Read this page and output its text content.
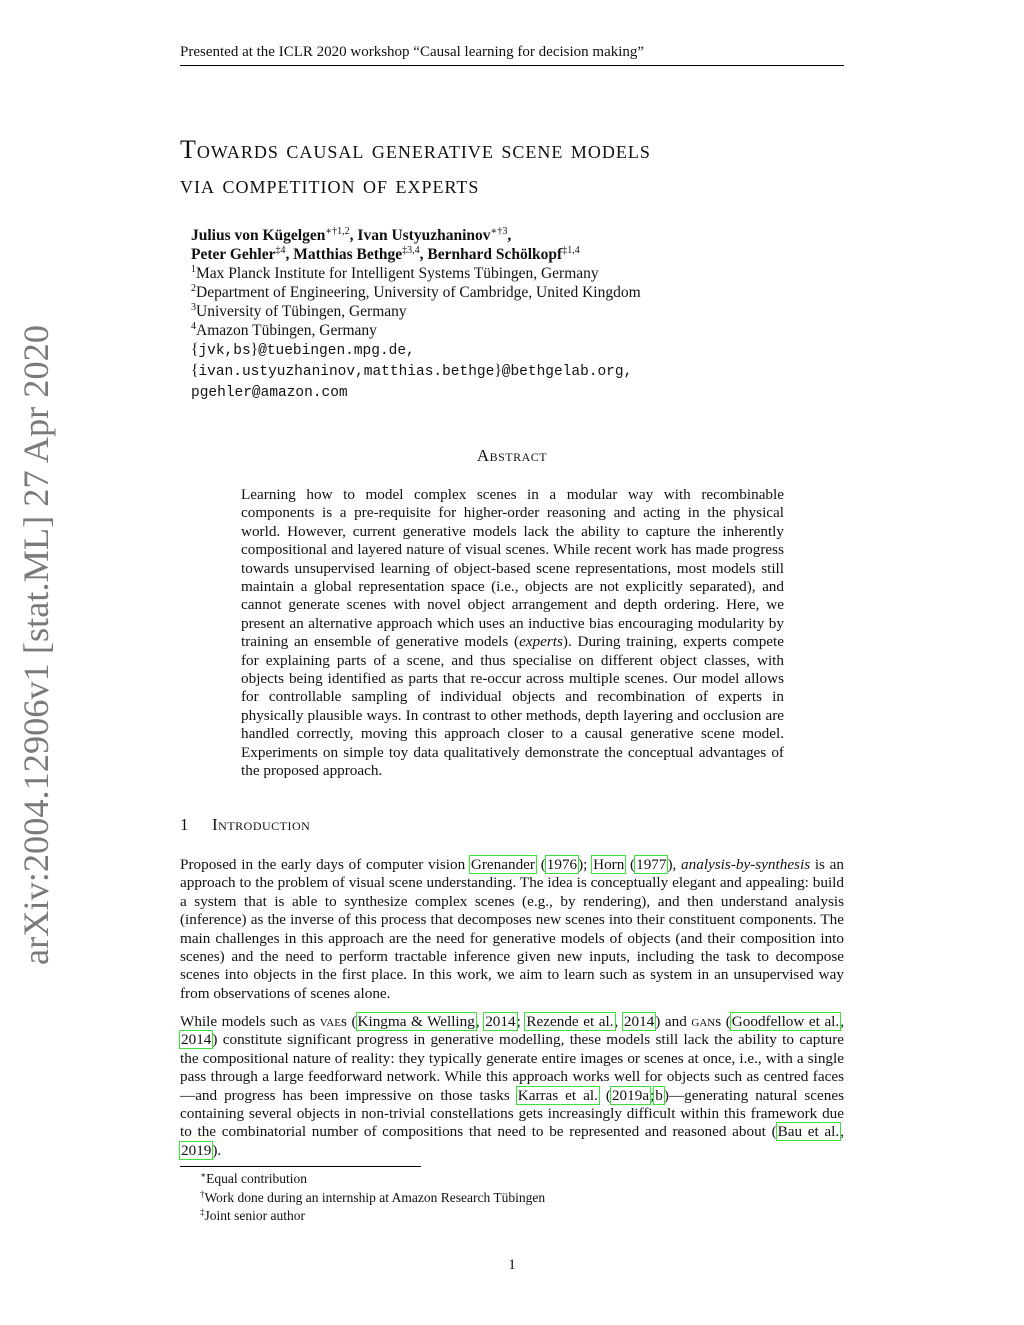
Presented at the ICLR 2020 workshop “Causal learning for decision making”
arXiv:2004.12906v1 [stat.ML] 27 Apr 2020
Towards causal generative scene models
via competition of experts
Julius von Kügelgen$^{∗\dagger 1,2}$, Ivan Ustyuzhaninov$^{∗\dagger 3}$,
Peter Gehler$^{\ddagger 4}$, Matthias Bethge$^{\ddagger 3,4}$, Bernhard Schölkopf$^{\ddagger 1,4}$
$^1$Max Planck Institute for Intelligent Systems Tübingen, Germany
$^2$Department of Engineering, University of Cambridge, United Kingdom
$^3$University of Tübingen, Germany
$^4$Amazon Tübingen, Germany
{jvk,bs}@tuebingen.mpg.de,
{ivan.ustyuzhaninov,matthias.bethge}@bethgelab.org,
pgehler@amazon.com
Abstract
Learning how to model complex scenes in a modular way with recombinable components is a pre-requisite for higher-order reasoning and acting in the physical world. However, current generative models lack the ability to capture the inherently compositional and layered nature of visual scenes. While recent work has made progress towards unsupervised learning of object-based scene representations, most models still maintain a global representation space (i.e., objects are not explicitly separated), and cannot generate scenes with novel object arrangement and depth ordering. Here, we present an alternative approach which uses an inductive bias encouraging modularity by training an ensemble of generative models (experts). During training, experts compete for explaining parts of a scene, and thus specialise on different object classes, with objects being identified as parts that re-occur across multiple scenes. Our model allows for controllable sampling of individual objects and recombination of experts in physically plausible ways. In contrast to other methods, depth layering and occlusion are handled correctly, moving this approach closer to a causal generative scene model. Experiments on simple toy data qualitatively demonstrate the conceptual advantages of the proposed approach.
1 Introduction
Proposed in the early days of computer vision Grenander (1976); Horn (1977), analysis-by-synthesis is an approach to the problem of visual scene understanding. The idea is conceptually elegant and appealing: build a system that is able to synthesize complex scenes (e.g., by rendering), and then understand analysis (inference) as the inverse of this process that decomposes new scenes into their constituent components. The main challenges in this approach are the need for generative models of objects (and their composition into scenes) and the need to perform tractable inference given new inputs, including the task to decompose scenes into objects in the first place. In this work, we aim to learn such as system in an unsupervised way from observations of scenes alone.
While models such as vaes (Kingma & Welling, 2014; Rezende et al., 2014) and gans (Goodfellow et al., 2014) constitute significant progress in generative modelling, these models still lack the ability to capture the compositional nature of reality: they typically generate entire images or scenes at once, i.e., with a single pass through a large feedforward network. While this approach works well for objects such as centred faces—and progress has been impressive on those tasks Karras et al. (2019a;b)—generating natural scenes containing several objects in non-trivial constellations gets increasingly difficult within this framework due to the combinatorial number of compositions that need to be represented and reasoned about (Bau et al., 2019).
∗Equal contribution
†Work done during an internship at Amazon Research Tübingen
‡Joint senior author
1
